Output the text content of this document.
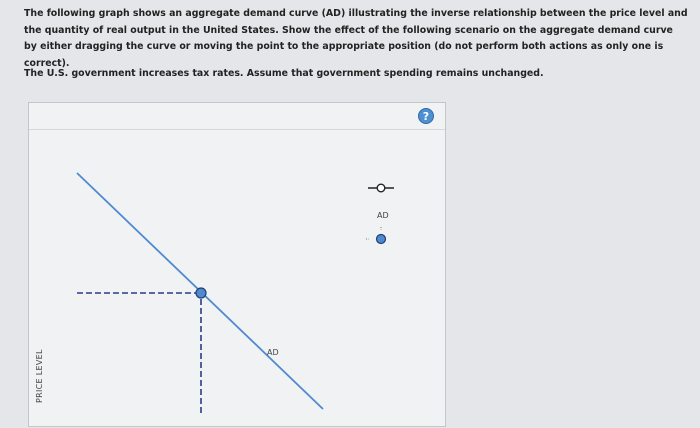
The following graph shows an aggregate demand curve (AD) illustrating the inverse relationship between the price level and the quantity of real output in the United States. Show the effect of the following scenario on the aggregate demand curve by either dragging the curve or moving the point to the appropriate position (do not perform both actions as only one is correct).
The U.S. government increases tax rates. Assume that government spending remains unchanged.
?
AD
PRICE LEVEL
AD
